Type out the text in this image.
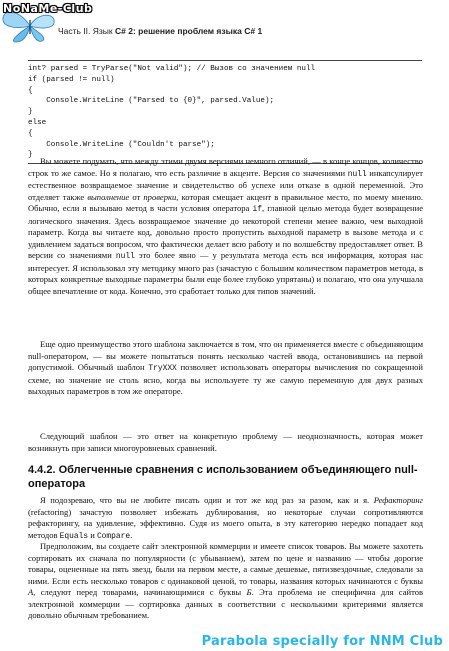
NoNaMe-Club
Часть II. Язык C# 2: решение проблем языка C# 1
int? parsed = TryParse("Not valid"); // Вызов со значением null
if (parsed != null)
{
Console.WriteLine ("Parsed to {0}", parsed.Value);
}
else
{
Console.WriteLine ("Couldn't parse");
}

Вы можете подумать, что между этими двумя версиями немного отличий, — в конце концов, количество строк то же самое. Но я полагаю, что есть различие в акценте. Версия со значениями null инкапсулирует естественное возвращаемое значение и свидетельство об успехе или отказе в одной переменной. Это отделяет также выполнение от проверки, которая смещает акцент в правильное место, по моему мнению. Обычно, если я вызываю метод в части условия оператора if, главной целью метода будет возвращение логического значения. Здесь возвращаемое значение до некоторой степени менее важно, чем выходной параметр. Когда вы читаете код, довольно просто пропустить выходной параметр в вызове метода и с удивлением задаться вопросом, что фактически делает всю работу и по волшебству предоставляет ответ. В версии со значениями null это более явно — у результата метода есть вся информация, которая нас интересует. Я использовал эту методику много раз (зачастую с большим количеством параметров метода, в которых конкретные выходные параметры были еще более глубоко упрятаны) и полагаю, что она улучшала общее впечатление от кода. Конечно, это сработает только для типов значений.

Еще одно преимущество этого шаблона заключается в том, что он применяется вместе с объединяющим null-оператором, — вы можете попытаться понять несколько частей ввода, остановившись на первой допустимой. Обычный шаблон TryXXX позволяет использовать операторы вычисления по сокращенной схеме, но значение не столь ясно, когда вы используете ту же самую переменную для двух разных выходных параметров в том же операторе.

Следующий шаблон — это ответ на конкретную проблему — неоднозначность, которая может возникнуть при записи многоуровневых сравнений.

4.4.2. Облегченные сравнения с использованием объединяющего null-оператора

Я подозреваю, что вы не любите писать один и тот же код раз за разом, как и я. Рефакторинг (refactoring) зачастую позволяет избежать дублирования, но некоторые случаи сопротивляются рефакторингу, на удивление, эффективно. Судя из моего опыта, в эту категорию нередко попадает код методов Equals и Compare.

Предположим, вы создаете сайт электронной коммерции и имеете список товаров. Вы можете захотеть сортировать их сначала по популярности (с убыванием), затем по цене и названию — чтобы дорогие товары, оцененные на пять звезд, были на первом месте, а самые дешевые, пятизвездочные, следовали за ними. Если есть несколько товаров с одинаковой ценой, то товары, названия которых начинаются с буквы А, следуют перед товарами, начинающимися с буквы Б. Эта проблема не специфична для сайтов электронной коммерции — сортировка данных в соответствии с несколькими критериями является довольно обычным требованием.

Parabola specially for NNM Club
